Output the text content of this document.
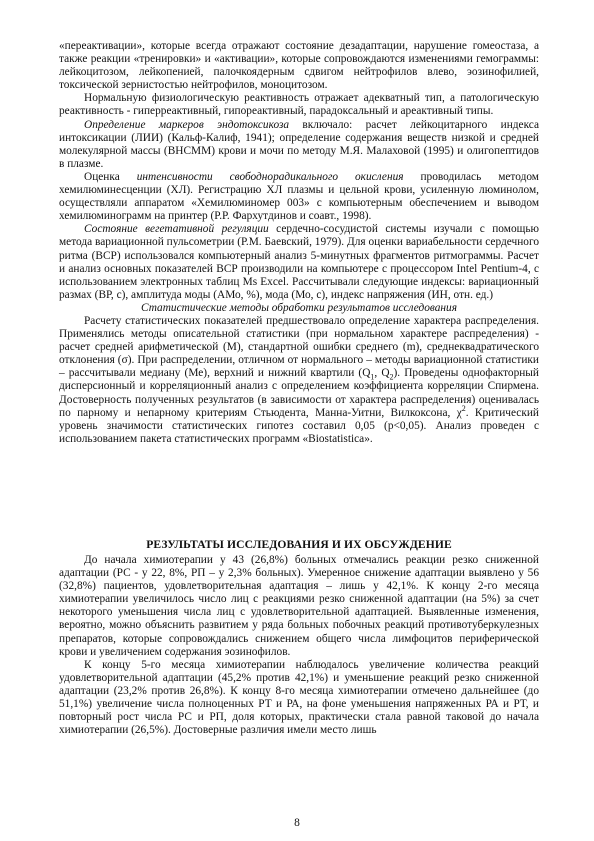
«переактивации», которые всегда отражают состояние дезадаптации, нарушение гомеостаза, а также реакции «тренировки» и «активации», которые сопровождаются изменениями гемограммы: лейкоцитозом, лейкопенией, палочкоядерным сдвигом нейтрофилов влево, эозинофилией, токсической зернистостью нейтрофилов, моноцитозом.

Нормальную физиологическую реактивность отражает адекватный тип, а патологическую реактивность - гиперреактивный, гипореактивный, парадоксальный и ареактивный типы.

Определение маркеров эндотоксикоза включало: расчет лейкоцитарного индекса интоксикации (ЛИИ) (Кальф-Калиф, 1941); определение содержания веществ низкой и средней молекулярной массы (ВНСММ) крови и мочи по методу М.Я. Малаховой (1995) и олигопептидов в плазме.

Оценка интенсивности свободнорадикального окисления проводилась методом хемилюминесценции (ХЛ). Регистрацию ХЛ плазмы и цельной крови, усиленную люминолом, осуществляли аппаратом «Хемилюминомер 003» с компьютерным обеспечением и выводом хемилюминограмм на принтер (Р.Р. Фархутдинов и соавт., 1998).

Состояние вегетативной регуляции сердечно-сосудистой системы изучали с помощью метода вариационной пульсометрии (Р.М. Баевский, 1979). Для оценки вариабельности сердечного ритма (ВСР) использовался компьютерный анализ 5-минутных фрагментов ритмограммы. Расчет и анализ основных показателей ВСР производили на компьютере с процессором Intel Pentium-4, с использованием электронных таблиц Ms Excel. Рассчитывали следующие индексы: вариационный размах (ВР, с), амплитуда моды (АМо, %), мода (Мо, с), индекс напряжения (ИН, отн. ед.)

Статистические методы обработки результатов исследования

Расчету статистических показателей предшествовало определение характера распределения. Применялись методы описательной статистики (при нормальном характере распределения) - расчет средней арифметической (М), стандартной ошибки среднего (m), среднеквадратического отклонения (σ). При распределении, отличном от нормального – методы вариационной статистики – рассчитывали медиану (Ме), верхний и нижний квартили ($Q_1$, $Q_2$). Проведены однофакторный дисперсионный и корреляционный анализ с определением коэффициента корреляции Спирмена. Достоверность полученных результатов (в зависимости от характера распределения) оценивалась по парному и непарному критериям Стьюдента, Манна-Уитни, Вилкоксона, $\chi^2$. Критический уровень значимости статистических гипотез составил 0,05 (р<0,05). Анализ проведен с использованием пакета статистических программ «Biostatistica».

РЕЗУЛЬТАТЫ ИССЛЕДОВАНИЯ И ИХ ОБСУЖДЕНИЕ

До начала химиотерапии у 43 (26,8%) больных отмечались реакции резко сниженной адаптации (РС - у 22, 8%, РП – у 2,3% больных). Умеренное снижение адаптации выявлено у 56 (32,8%) пациентов, удовлетворительная адаптация – лишь у 42,1%. К концу 2-го месяца химиотерапии увеличилось число лиц с реакциями резко сниженной адаптации (на 5%) за счет некоторого уменьшения числа лиц с удовлетворительной адаптацией. Выявленные изменения, вероятно, можно объяснить развитием у ряда больных побочных реакций противотуберкулезных препаратов, которые сопровождались снижением общего числа лимфоцитов периферической крови и увеличением содержания эозинофилов.

К концу 5-го месяца химиотерапии наблюдалось увеличение количества реакций удовлетворительной адаптации (45,2% против 42,1%) и уменьшение реакций резко сниженной адаптации (23,2% против 26,8%). К концу 8-го месяца химиотерапии отмечено дальнейшее (до 51,1%) увеличение числа полноценных РТ и РА, на фоне уменьшения напряженных РА и РТ, и повторный рост числа РС и РП, доля которых, практически стала равной таковой до начала химиотерапии (26,5%). Достоверные различия имели место лишь

8
